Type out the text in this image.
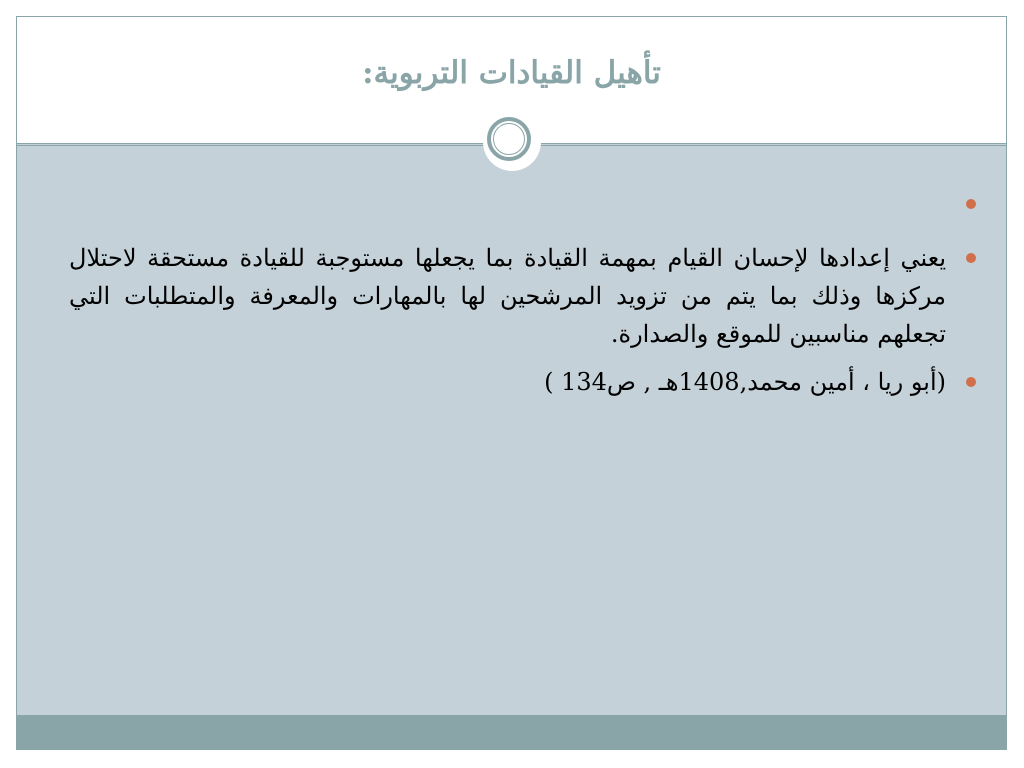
تأهيل القيادات التربوية:
يعني إعدادها لإحسان القيام بمهمة القيادة بما يجعلها مستوجبة للقيادة مستحقة لاحتلال مركزها وذلك بما يتم من تزويد المرشحين لها بالمهارات والمعرفة والمتطلبات التي تجعلهم مناسبين للموقع والصدارة.
(أبو ريا ، أمين محمد,1408هـ , ص134 )
